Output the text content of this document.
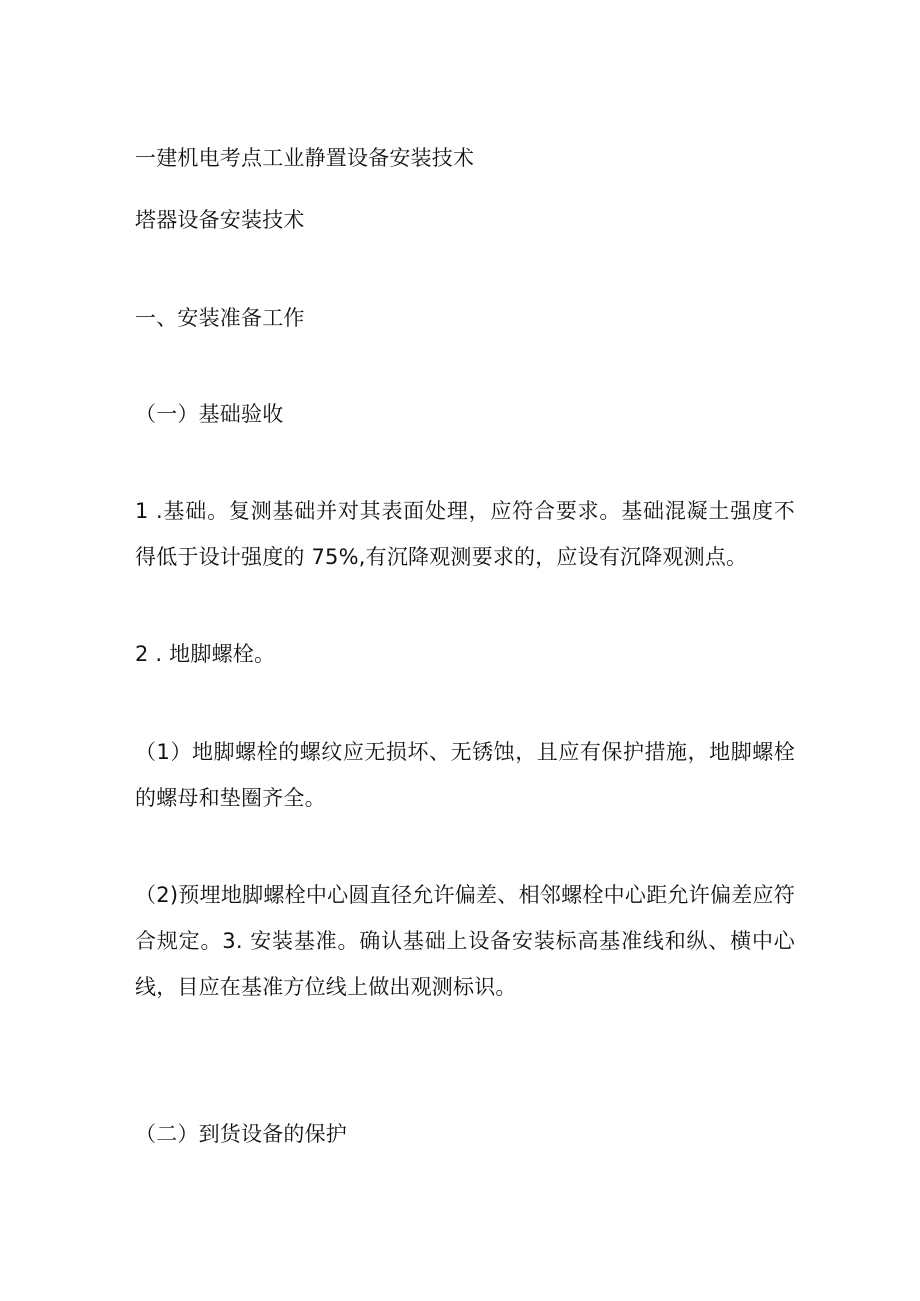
一建机电考点工业静置设备安装技术
塔器设备安装技术
一、安装准备工作
（一）基础验收
1 .基础。复测基础并对其表面处理，应符合要求。基础混凝土强度不
得低于设计强度的 75%,有沉降观测要求的，应设有沉降观测点。
2 . 地脚螺栓。
（1）地脚螺栓的螺纹应无损坏、无锈蚀，且应有保护措施，地脚螺栓
的螺母和垫圈齐全。
（2)预埋地脚螺栓中心圆直径允许偏差、相邻螺栓中心距允许偏差应符
合规定。3. 安装基准。确认基础上设备安装标高基准线和纵、横中心
线，目应在基准方位线上做出观测标识。
（二）到货设备的保护
